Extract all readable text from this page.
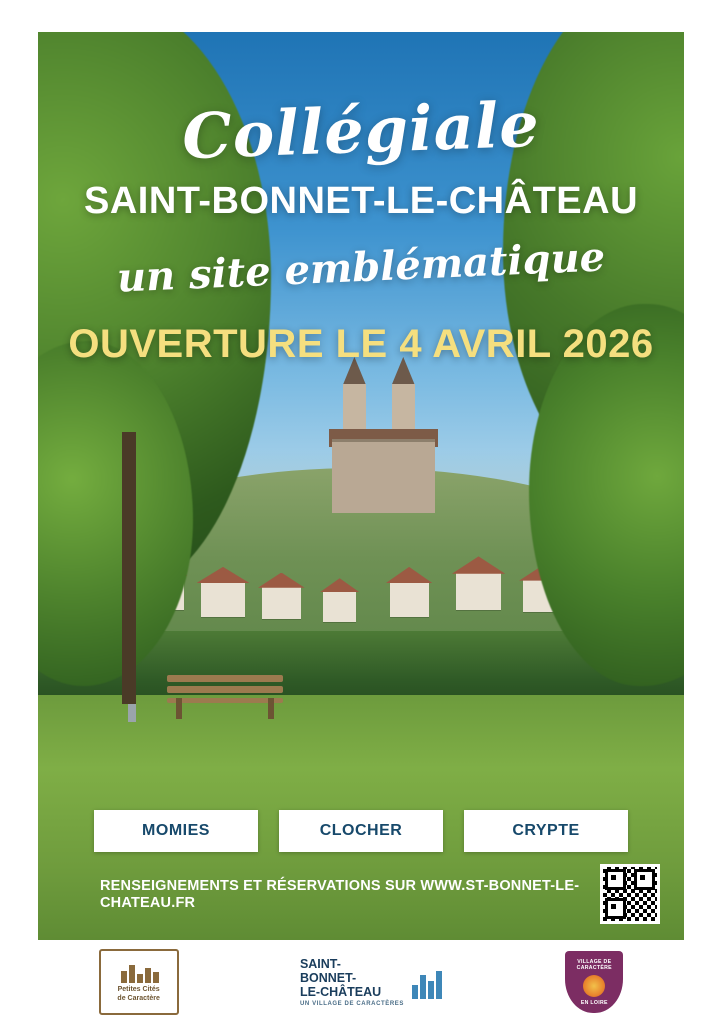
Collégiale
SAINT-BONNET-LE-CHÂTEAU
un site emblématique
OUVERTURE LE 4 AVRIL 2026
MOMIES	CLOCHER	CRYPTE
RENSEIGNEMENTS ET RÉSERVATIONS SUR WWW.ST-BONNET-LE-CHATEAU.FR
Petites Cités
de Caractère
SAINT-
BONNET-
LE-CHÂTEAU
UN VILLAGE DE CARACTÈRES
VILLAGE DE CARACTÈRE
EN LOIRE
